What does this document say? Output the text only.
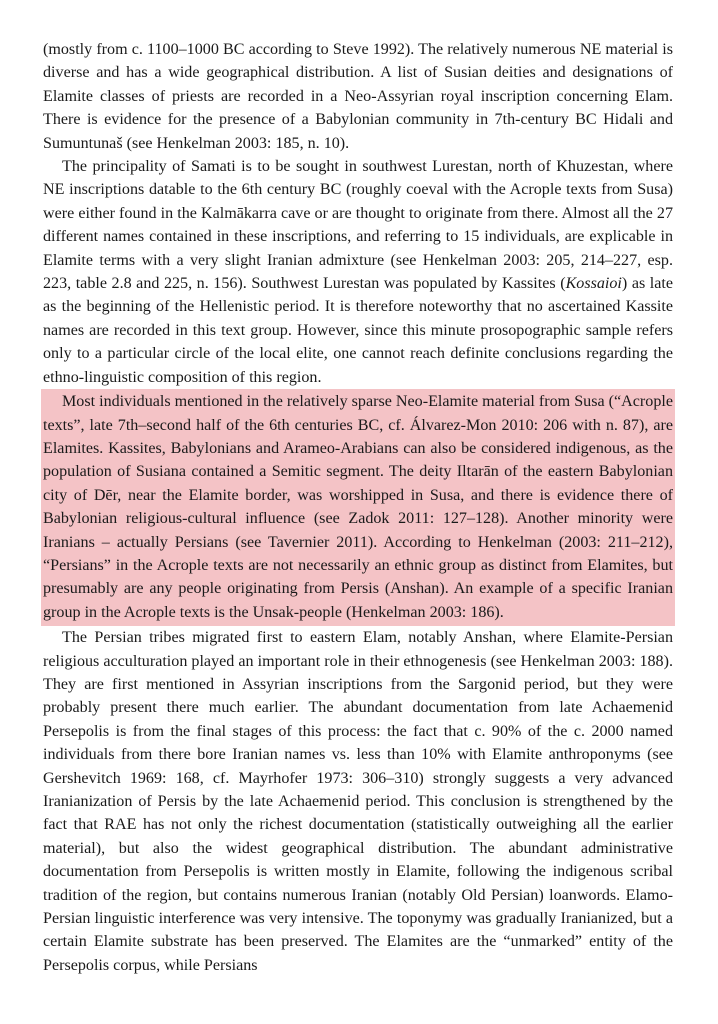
(mostly from c. 1100–1000 BC according to Steve 1992). The relatively numerous NE material is diverse and has a wide geographical distribution. A list of Susian deities and designations of Elamite classes of priests are recorded in a Neo-Assyrian royal inscription concerning Elam. There is evidence for the presence of a Babylonian community in 7th-century BC Hidali and Sumuntunaš (see Henkelman 2003: 185, n. 10).

The principality of Samati is to be sought in southwest Lurestan, north of Khuzestan, where NE inscriptions datable to the 6th century BC (roughly coeval with the Acrople texts from Susa) were either found in the Kalmākarra cave or are thought to originate from there. Almost all the 27 different names contained in these inscriptions, and referring to 15 individuals, are explicable in Elamite terms with a very slight Iranian admixture (see Henkelman 2003: 205, 214–227, esp. 223, table 2.8 and 225, n. 156). Southwest Lurestan was populated by Kassites (Kossaioi) as late as the beginning of the Hellenistic period. It is therefore noteworthy that no ascertained Kassite names are recorded in this text group. However, since this minute prosopographic sample refers only to a particular circle of the local elite, one cannot reach definite conclusions regarding the ethno-linguistic composition of this region.

Most individuals mentioned in the relatively sparse Neo-Elamite material from Susa (“Acrople texts”, late 7th–second half of the 6th centuries BC, cf. Álvarez-Mon 2010: 206 with n. 87), are Elamites. Kassites, Babylonians and Arameo-Arabians can also be considered indigenous, as the population of Susiana contained a Semitic segment. The deity Iltarān of the eastern Babylonian city of Dēr, near the Elamite border, was worshipped in Susa, and there is evidence there of Babylonian religious-cultural influence (see Zadok 2011: 127–128). Another minority were Iranians – actually Persians (see Tavernier 2011). According to Henkelman (2003: 211–212), “Persians” in the Acrople texts are not necessarily an ethnic group as distinct from Elamites, but presumably are any people originating from Persis (Anshan). An example of a specific Iranian group in the Acrople texts is the Unsak-people (Henkelman 2003: 186).

The Persian tribes migrated first to eastern Elam, notably Anshan, where Elamite-Persian religious acculturation played an important role in their ethnogenesis (see Henkelman 2003: 188). They are first mentioned in Assyrian inscriptions from the Sargonid period, but they were probably present there much earlier. The abundant documentation from late Achaemenid Persepolis is from the final stages of this process: the fact that c. 90% of the c. 2000 named individuals from there bore Iranian names vs. less than 10% with Elamite anthroponyms (see Gershevitch 1969: 168, cf. Mayrhofer 1973: 306–310) strongly suggests a very advanced Iranianization of Persis by the late Achaemenid period. This conclusion is strengthened by the fact that RAE has not only the richest documentation (statistically outweighing all the earlier material), but also the widest geographical distribution. The abundant administrative documentation from Persepolis is written mostly in Elamite, following the indigenous scribal tradition of the region, but contains numerous Iranian (notably Old Persian) loanwords. Elamo-Persian linguistic interference was very intensive. The toponymy was gradually Iranianized, but a certain Elamite substrate has been preserved. The Elamites are the “unmarked” entity of the Persepolis corpus, while Persians
